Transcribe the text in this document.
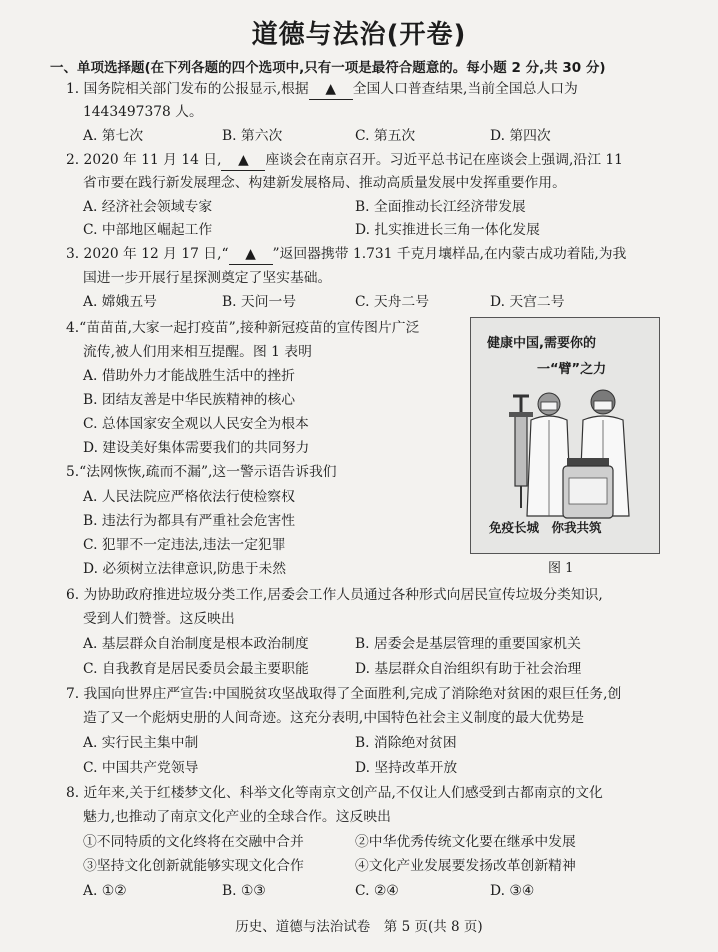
道德与法治(开卷)
一、单项选择题(在下列各题的四个选项中,只有一项是最符合题意的。每小题 2 分,共 30 分)
1. 国务院相关部门发布的公报显示,根据 ▲ 全国人口普查结果,当前全国总人口为
1443497378 人。
A. 第七次	B. 第六次	C. 第五次	D. 第四次
2. 2020 年 11 月 14 日, ▲ 座谈会在南京召开。习近平总书记在座谈会上强调,沿江 11
省市要在践行新发展理念、构建新发展格局、推动高质量发展中发挥重要作用。
A. 经济社会领域专家	B. 全面推动长江经济带发展
C. 中部地区崛起工作	D. 扎实推进长三角一体化发展
3. 2020 年 12 月 17 日,“ ▲ ”返回器携带 1.731 千克月壤样品,在内蒙古成功着陆,为我
国进一步开展行星探测奠定了坚实基础。
A. 嫦娥五号	B. 天问一号	C. 天舟二号	D. 天宫二号
4.“苗苗苗,大家一起打疫苗”,接种新冠疫苗的宣传图片广泛
流传,被人们用来相互提醒。图 1 表明
A. 借助外力才能战胜生活中的挫折
B. 团结友善是中华民族精神的核心
C. 总体国家安全观以人民安全为根本
D. 建设美好集体需要我们的共同努力
5.“法网恢恢,疏而不漏”,这一警示语告诉我们
A. 人民法院应严格依法行使检察权
B. 违法行为都具有严重社会危害性
C. 犯罪不一定违法,违法一定犯罪
D. 必须树立法律意识,防患于未然
健康中国,需要你的
一“臂”之力
免疫长城　你我共筑
图 1
6. 为协助政府推进垃圾分类工作,居委会工作人员通过各种形式向居民宣传垃圾分类知识,
受到人们赞誉。这反映出
A. 基层群众自治制度是根本政治制度	B. 居委会是基层管理的重要国家机关
C. 自我教育是居民委员会最主要职能	D. 基层群众自治组织有助于社会治理
7. 我国向世界庄严宣告:中国脱贫攻坚战取得了全面胜利,完成了消除绝对贫困的艰巨任务,创
造了又一个彪炳史册的人间奇迹。这充分表明,中国特色社会主义制度的最大优势是
A. 实行民主集中制	B. 消除绝对贫困
C. 中国共产党领导	D. 坚持改革开放
8. 近年来,关于红楼梦文化、科举文化等南京文创产品,不仅让人们感受到古都南京的文化
魅力,也推动了南京文化产业的全球合作。这反映出
①不同特质的文化终将在交融中合并	②中华优秀传统文化要在继承中发展
③坚持文化创新就能够实现文化合作	④文化产业发展要发扬改革创新精神
A. ①②	B. ①③	C. ②④	D. ③④
历史、道德与法治试卷　第 5 页(共 8 页)
